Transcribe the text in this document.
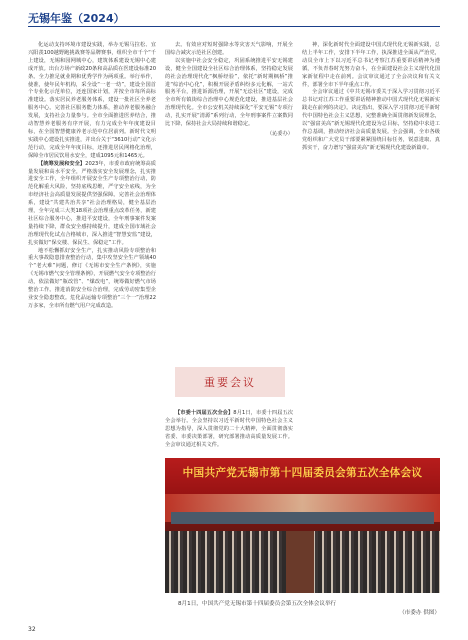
无锡年鉴（2024）

化运动支持环境市建设实践，举办无锡马拉松、宜兴阳羡100越野跑挑战赛等品牌赛事，组织全市千个“千上建设，无锡和园网城中心，建筑体系建设无锡中心建成开放。出台方场产新政20条和高品质在医建设标准20条。全力推足就业期和优秀学作为两项重。举行举作，使准，使年民年机构，采全设“一老一幼”，建设全国首个专业化示范单位，还连国家计划，并按全市每所高标准建设。落实居民养老服务体系，建设一批社区全养老服务中心。完善社区服务能力体系，推动养老服务融合发展，支持社会力量参与。全市全面推进医养结合，推动智慧养老服务有序开展，有力完成全年年度建设目标，在全国智慧健康养老示范中位居前列。新时代文明实践中心建设扎实推进，并出台关于“3610行动”文化示范行动，完成全年年度目标，还推进居民网格化治理，保障全市居民饮用水安全，建成1095元和1465元。

【统筹发展和安全】2023年，市委市政府统筹高质量发展和高水平安全，严格落实安全发展理念，扎实推进安全工作，全年组织开展安全生产专项整治行动，防范化解重大风险，坚持底线思维，严守安全底线，为全市经济社会高质量发展提供坚强保障。完善社会治理体系，建设“共建共治共享”社会治理格局，健全基层治理，全年完成三大类18项社会治理重点改革任务，新建社区综合服务中心，推进平安建设，全年刑事案件发案量持续下降，群众安全感持续提升，建成全国市域社会治理现代化试点合格城市，深入推进“智慧安监”建设，扎实做好“保交楼、保民生、保稳定”工作。

地不松懈抓好安全生产，扎实推动风险专项整治和重大事故隐患排查整治行动，集中攻坚安全生产领域40个“老大难”问题，修订《无锡市安全生产条例》，实施《无锡市燃气安全管理条例》，开展燃气安全专项整治行动，依法做好“瓶改管”、“煤改电”，统筹做好燃气市场整治工作。推进消防安全综合治理，完成劳动密集型企业安全隐患整改。危化品运输专项整治“三个一”治理22万多家，全市所有燃气用户完成改造。

去。有效应对短时强降水等灾害天气影响，开展全国综合减灾示范社区创建。

以实施中社会安全稳定，巩固系统推进平安无锡建设，健全全国建设全社区综合治理体系，坚持稳定发展的社会治理现代化“枫桥经验”，依托“新时期枫桥”推进“综治中心化”，积极开展矛盾纠纷多元化解，一站式服务平台，推进诉源治理，开展“无讼社区”建设，完成全市所有镇街综合治理中心规范化建设，推进基层社会治理现代化。全市公安机关持续深化“平安无锡”专项行动，扎实开展“清源”系列行动，全年刑事案件立案数同比下降，保持社会大局持续和谐稳定。

（沁委办）
重要会议

【市委十四届五次全会】8月1日，市委十四届五次全会举行。全会坚持以习近平新时代中国特色社会主义思想为指导，深入贯彻党的二十大精神，全面贯彻落实省委、市委决策部署，研究部署推动高质量发展工作。全会审议通过相关文件。

神，深化新时代全面建设中国式现代化无锡新实践，总结上半年工作，安排下半年工作，执深推进全面从严治党，动员全市上下以习近平总书记考察江苏重要讲话精神为遵循，不负青春时光努力奋斗，在全面建设社会主义现代化国家新征程中走在前列。会议审议通过了全会决议和有关文件，部署全市下半年重点工作。

全会审议通过《中共无锡市委关于深入学习贯彻习近平总书记对江苏工作重要讲话精神推动中国式现代化无锡新实践走在前列的决定》。决定指出，要深入学习贯彻习近平新时代中国特色社会主义思想，完整准确全面贯彻新发展理念，以“强富美高”新无锡现代化建设为总目标，坚持稳中求进工作总基调，推动经济社会高质量发展。全会强调，全市各级党组织和广大党员干部要紧紧围绕目标任务，锐意进取、真抓实干，奋力谱写“强富美高”新无锡现代化建设新篇章。

中国共产党无锡市第十四届委员会第五次全体会议
8月1日，中国共产党无锡市第十四届委员会第五次全体会议举行
（市委办 供图）
32
